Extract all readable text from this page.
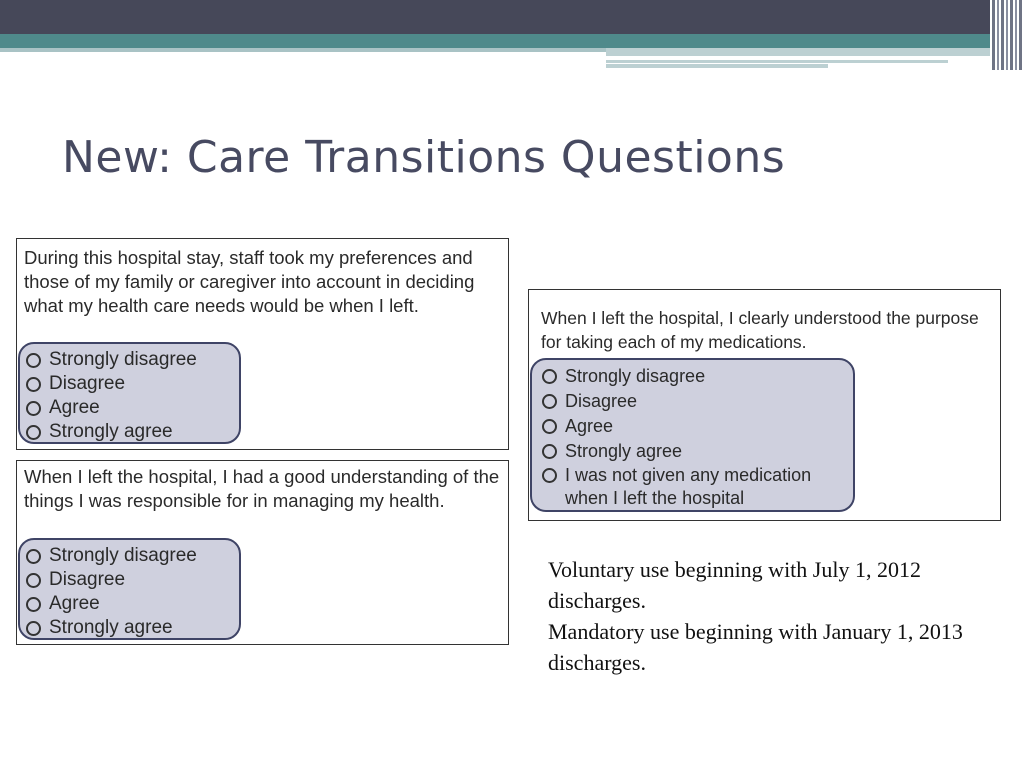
New: Care Transitions Questions

During this hospital stay, staff took my preferences and those of my family or caregiver into account in deciding what my health care needs would be when I left.

Strongly disagree
Disagree
Agree
Strongly agree

When I left the hospital, I had a good understanding of the things I was responsible for in managing my health.

Strongly disagree
Disagree
Agree
Strongly agree

When I left the hospital, I clearly understood the purpose for taking each of my medications.

Strongly disagree
Disagree
Agree
Strongly agree
I was not given any medication when I left the hospital
Voluntary use beginning with July 1, 2012 discharges.
Mandatory use beginning with January 1, 2013 discharges.
